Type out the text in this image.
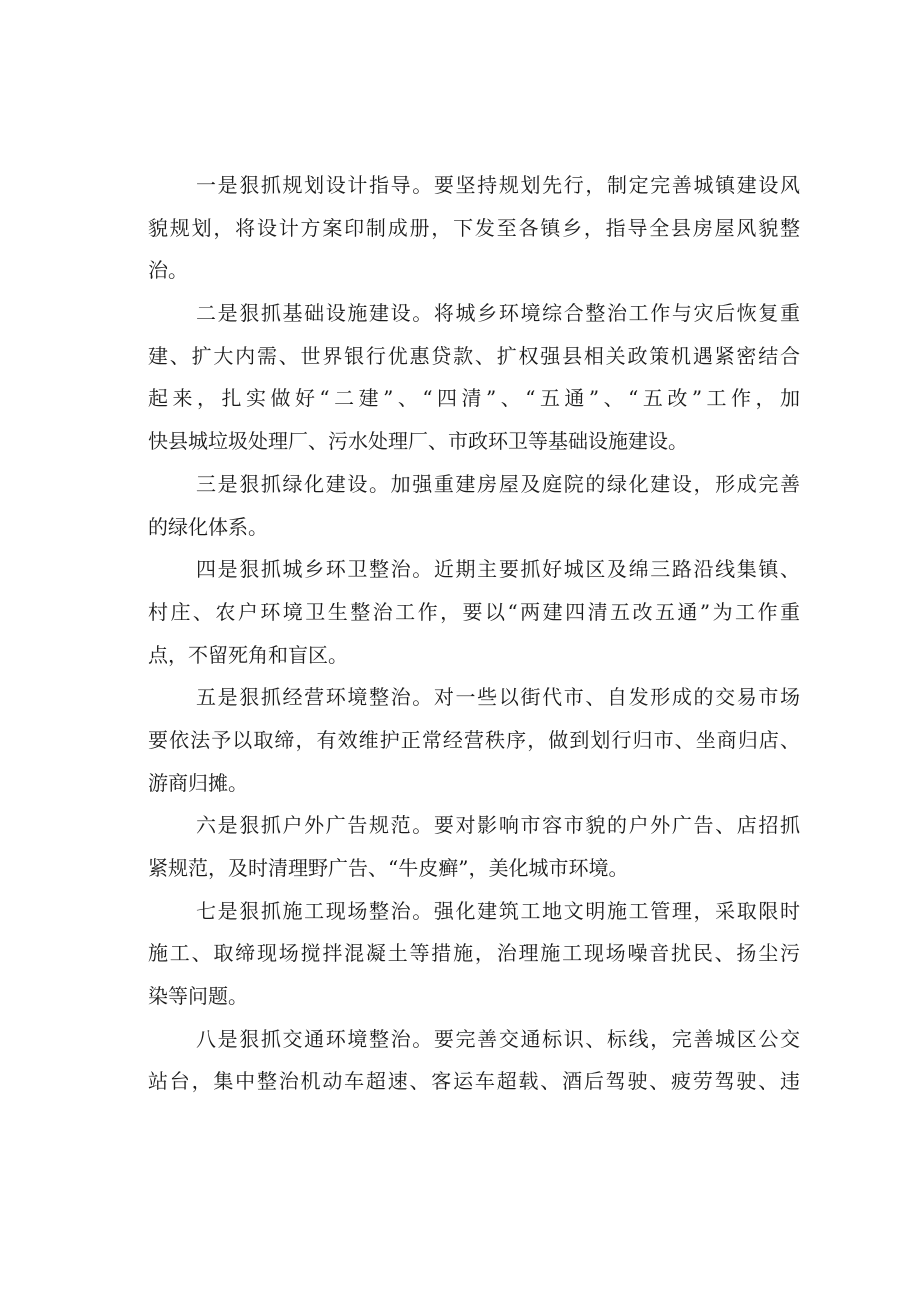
一是狠抓规划设计指导。要坚持规划先行，制定完善城镇建设风
貌规划，将设计方案印制成册，下发至各镇乡，指导全县房屋风貌整
治。
二是狠抓基础设施建设。将城乡环境综合整治工作与灾后恢复重
建、扩大内需、世界银行优惠贷款、扩权强县相关政策机遇紧密结合
起来，扎实做好“二建”、“四清”、“五通”、“五改”工作，加
快县城垃圾处理厂、污水处理厂、市政环卫等基础设施建设。
三是狠抓绿化建设。加强重建房屋及庭院的绿化建设，形成完善
的绿化体系。
四是狠抓城乡环卫整治。近期主要抓好城区及绵三路沿线集镇、
村庄、农户环境卫生整治工作，要以“两建四清五改五通”为工作重
点，不留死角和盲区。
五是狠抓经营环境整治。对一些以街代市、自发形成的交易市场
要依法予以取缔，有效维护正常经营秩序，做到划行归市、坐商归店、
游商归摊。
六是狠抓户外广告规范。要对影响市容市貌的户外广告、店招抓
紧规范，及时清理野广告、“牛皮癣”，美化城市环境。
七是狠抓施工现场整治。强化建筑工地文明施工管理，采取限时
施工、取缔现场搅拌混凝土等措施，治理施工现场噪音扰民、扬尘污
染等问题。
八是狠抓交通环境整治。要完善交通标识、标线，完善城区公交
站台，集中整治机动车超速、客运车超载、酒后驾驶、疲劳驾驶、违
